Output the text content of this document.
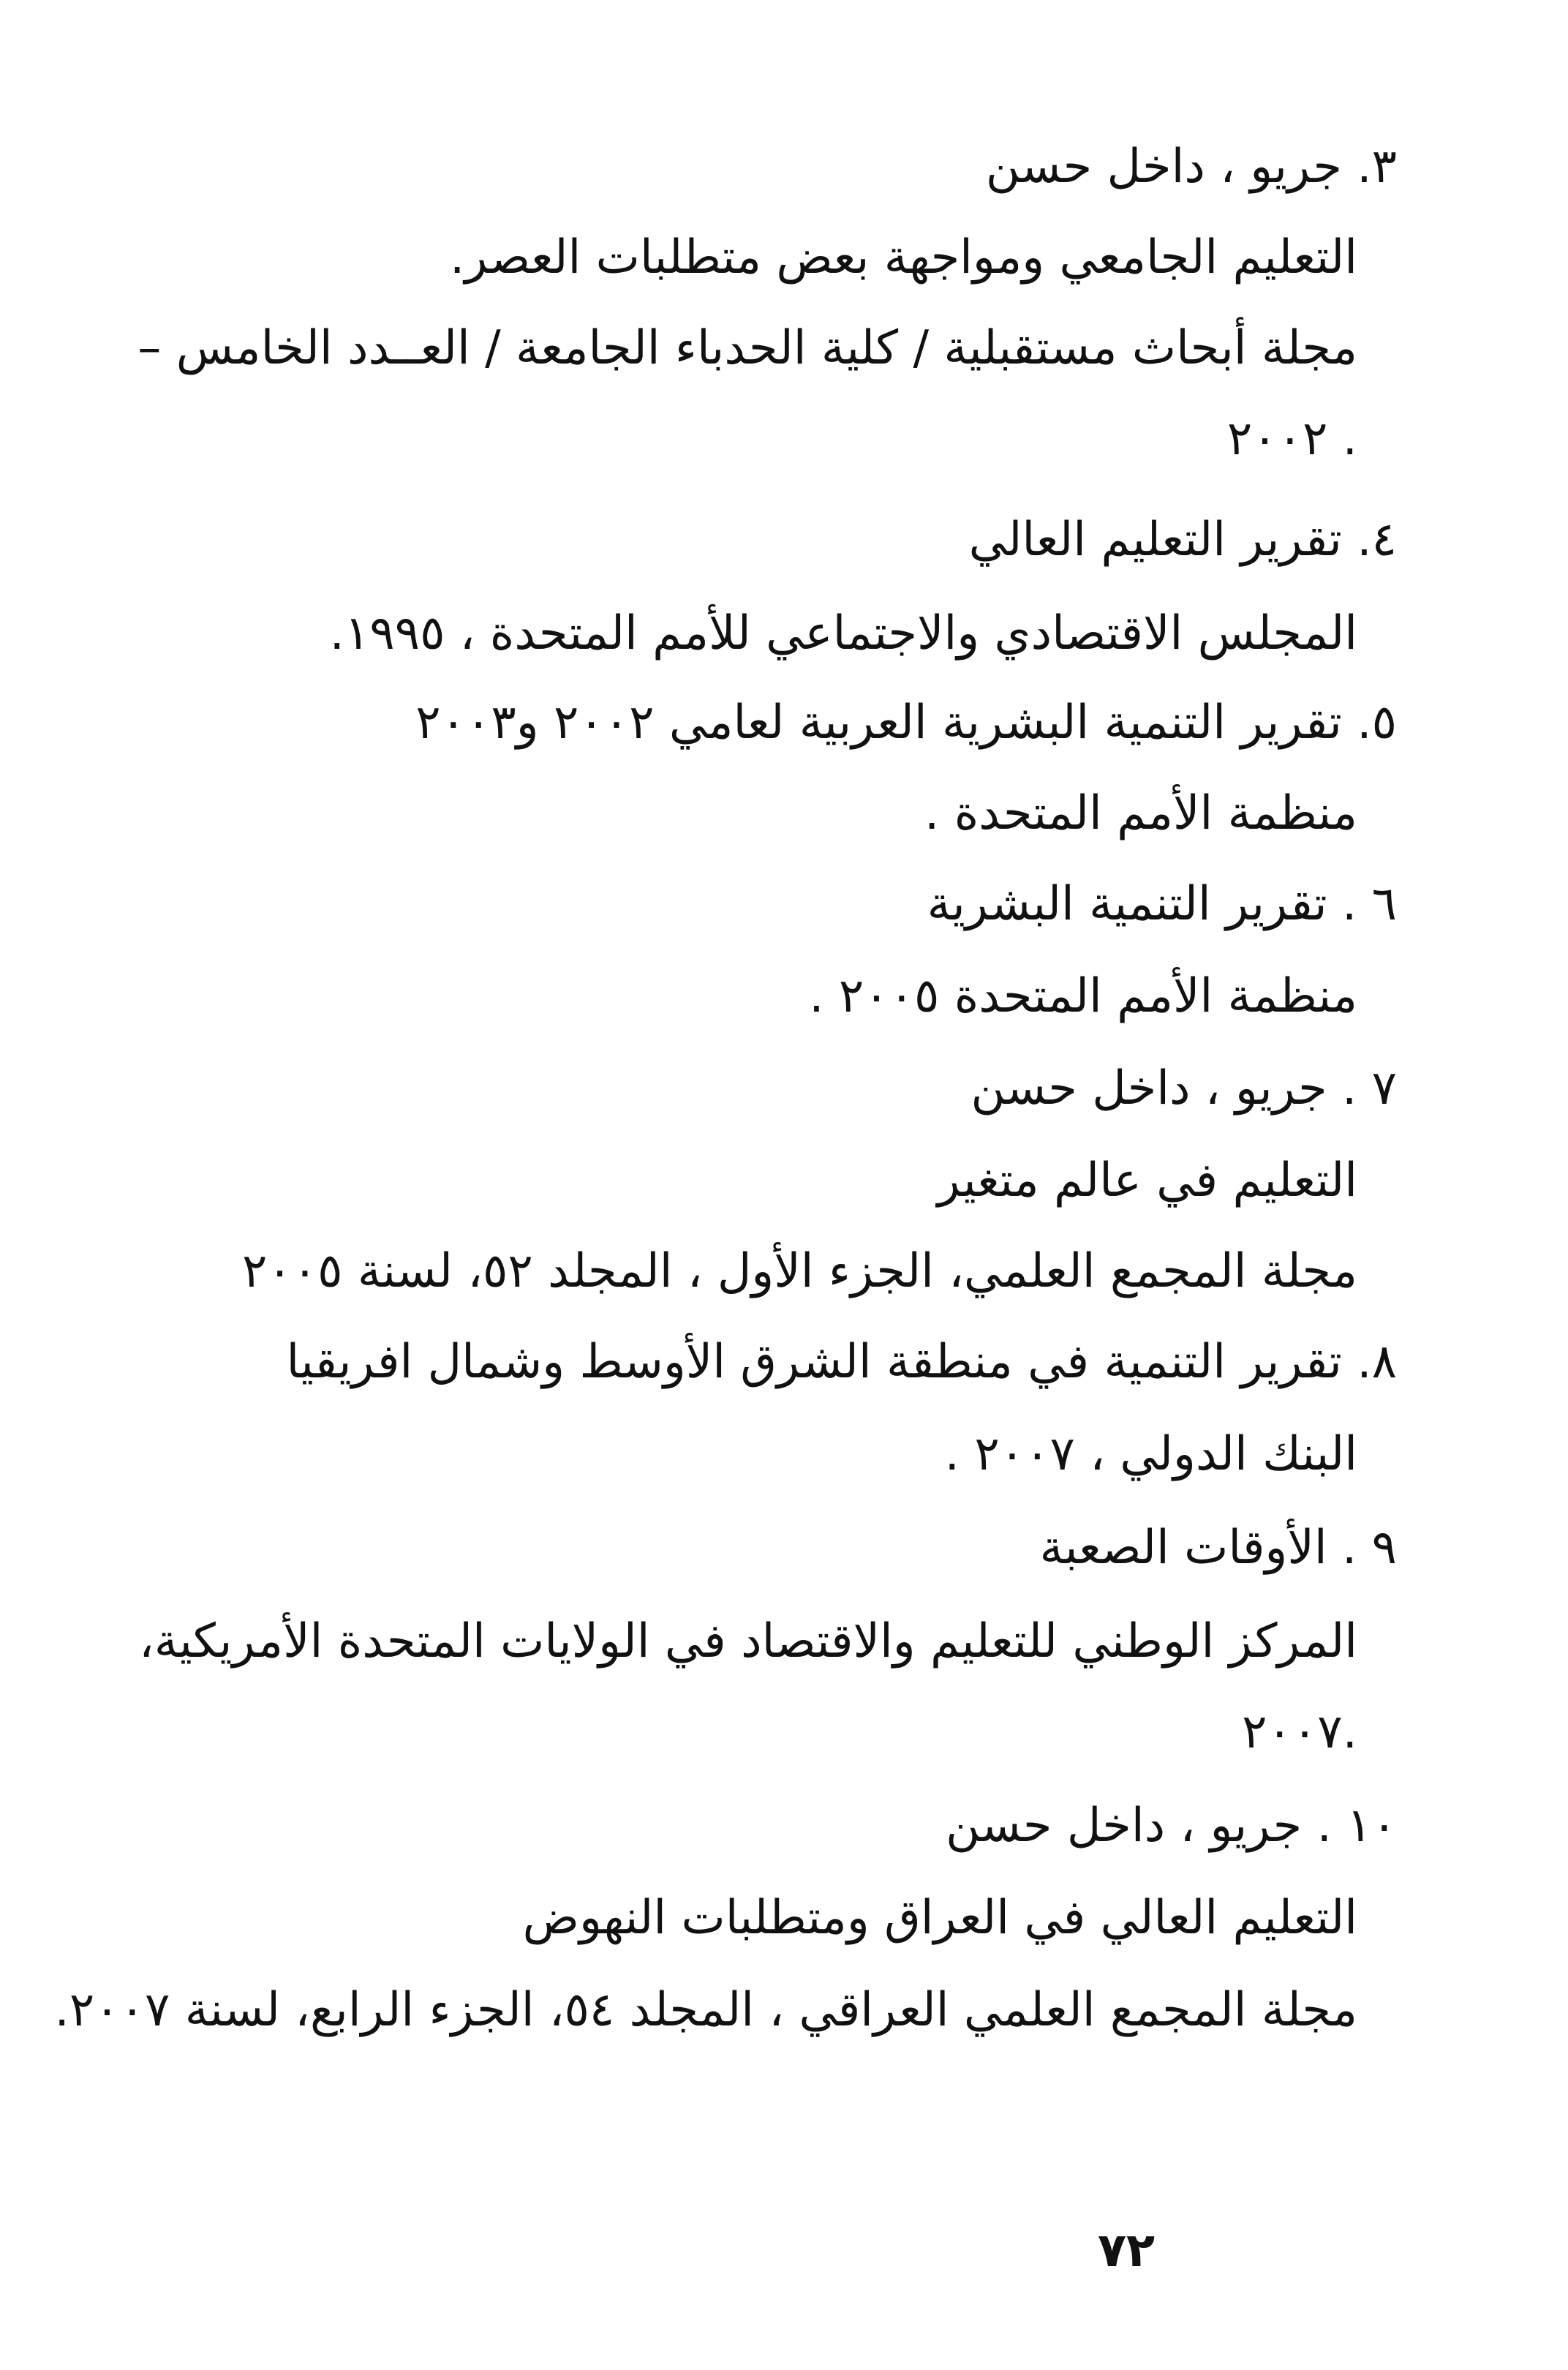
٣. جريو ، داخل حسن
التعليم الجامعي ومواجهة بعض متطلبات العصر.
مجلة أبحاث مستقبلية / كلية الحدباء الجامعة / العــدد الخامس –
. ٢٠٠٢
٤. تقرير التعليم العالي
المجلس الاقتصادي والاجتماعي للأمم المتحدة ، ١٩٩٥.
٥. تقرير التنمية البشرية العربية لعامي ٢٠٠٢ و٢٠٠٣
منظمة الأمم المتحدة .
٦ . تقرير التنمية البشرية
منظمة الأمم المتحدة ٢٠٠٥ .
٧ . جريو ، داخل حسن
التعليم في عالم متغير
مجلة المجمع العلمي، الجزء الأول ، المجلد ٥٢، لسنة ٢٠٠٥
٨. تقرير التنمية في منطقة الشرق الأوسط وشمال افريقيا
البنك الدولي ، ٢٠٠٧ .
٩ . الأوقات الصعبة
المركز الوطني للتعليم والاقتصاد في الولايات المتحدة الأمريكية،
.٢٠٠٧
١٠ . جريو ، داخل حسن
التعليم العالي في العراق ومتطلبات النهوض
مجلة المجمع العلمي العراقي ، المجلد ٥٤، الجزء الرابع، لسنة ٢٠٠٧.
٧٢
